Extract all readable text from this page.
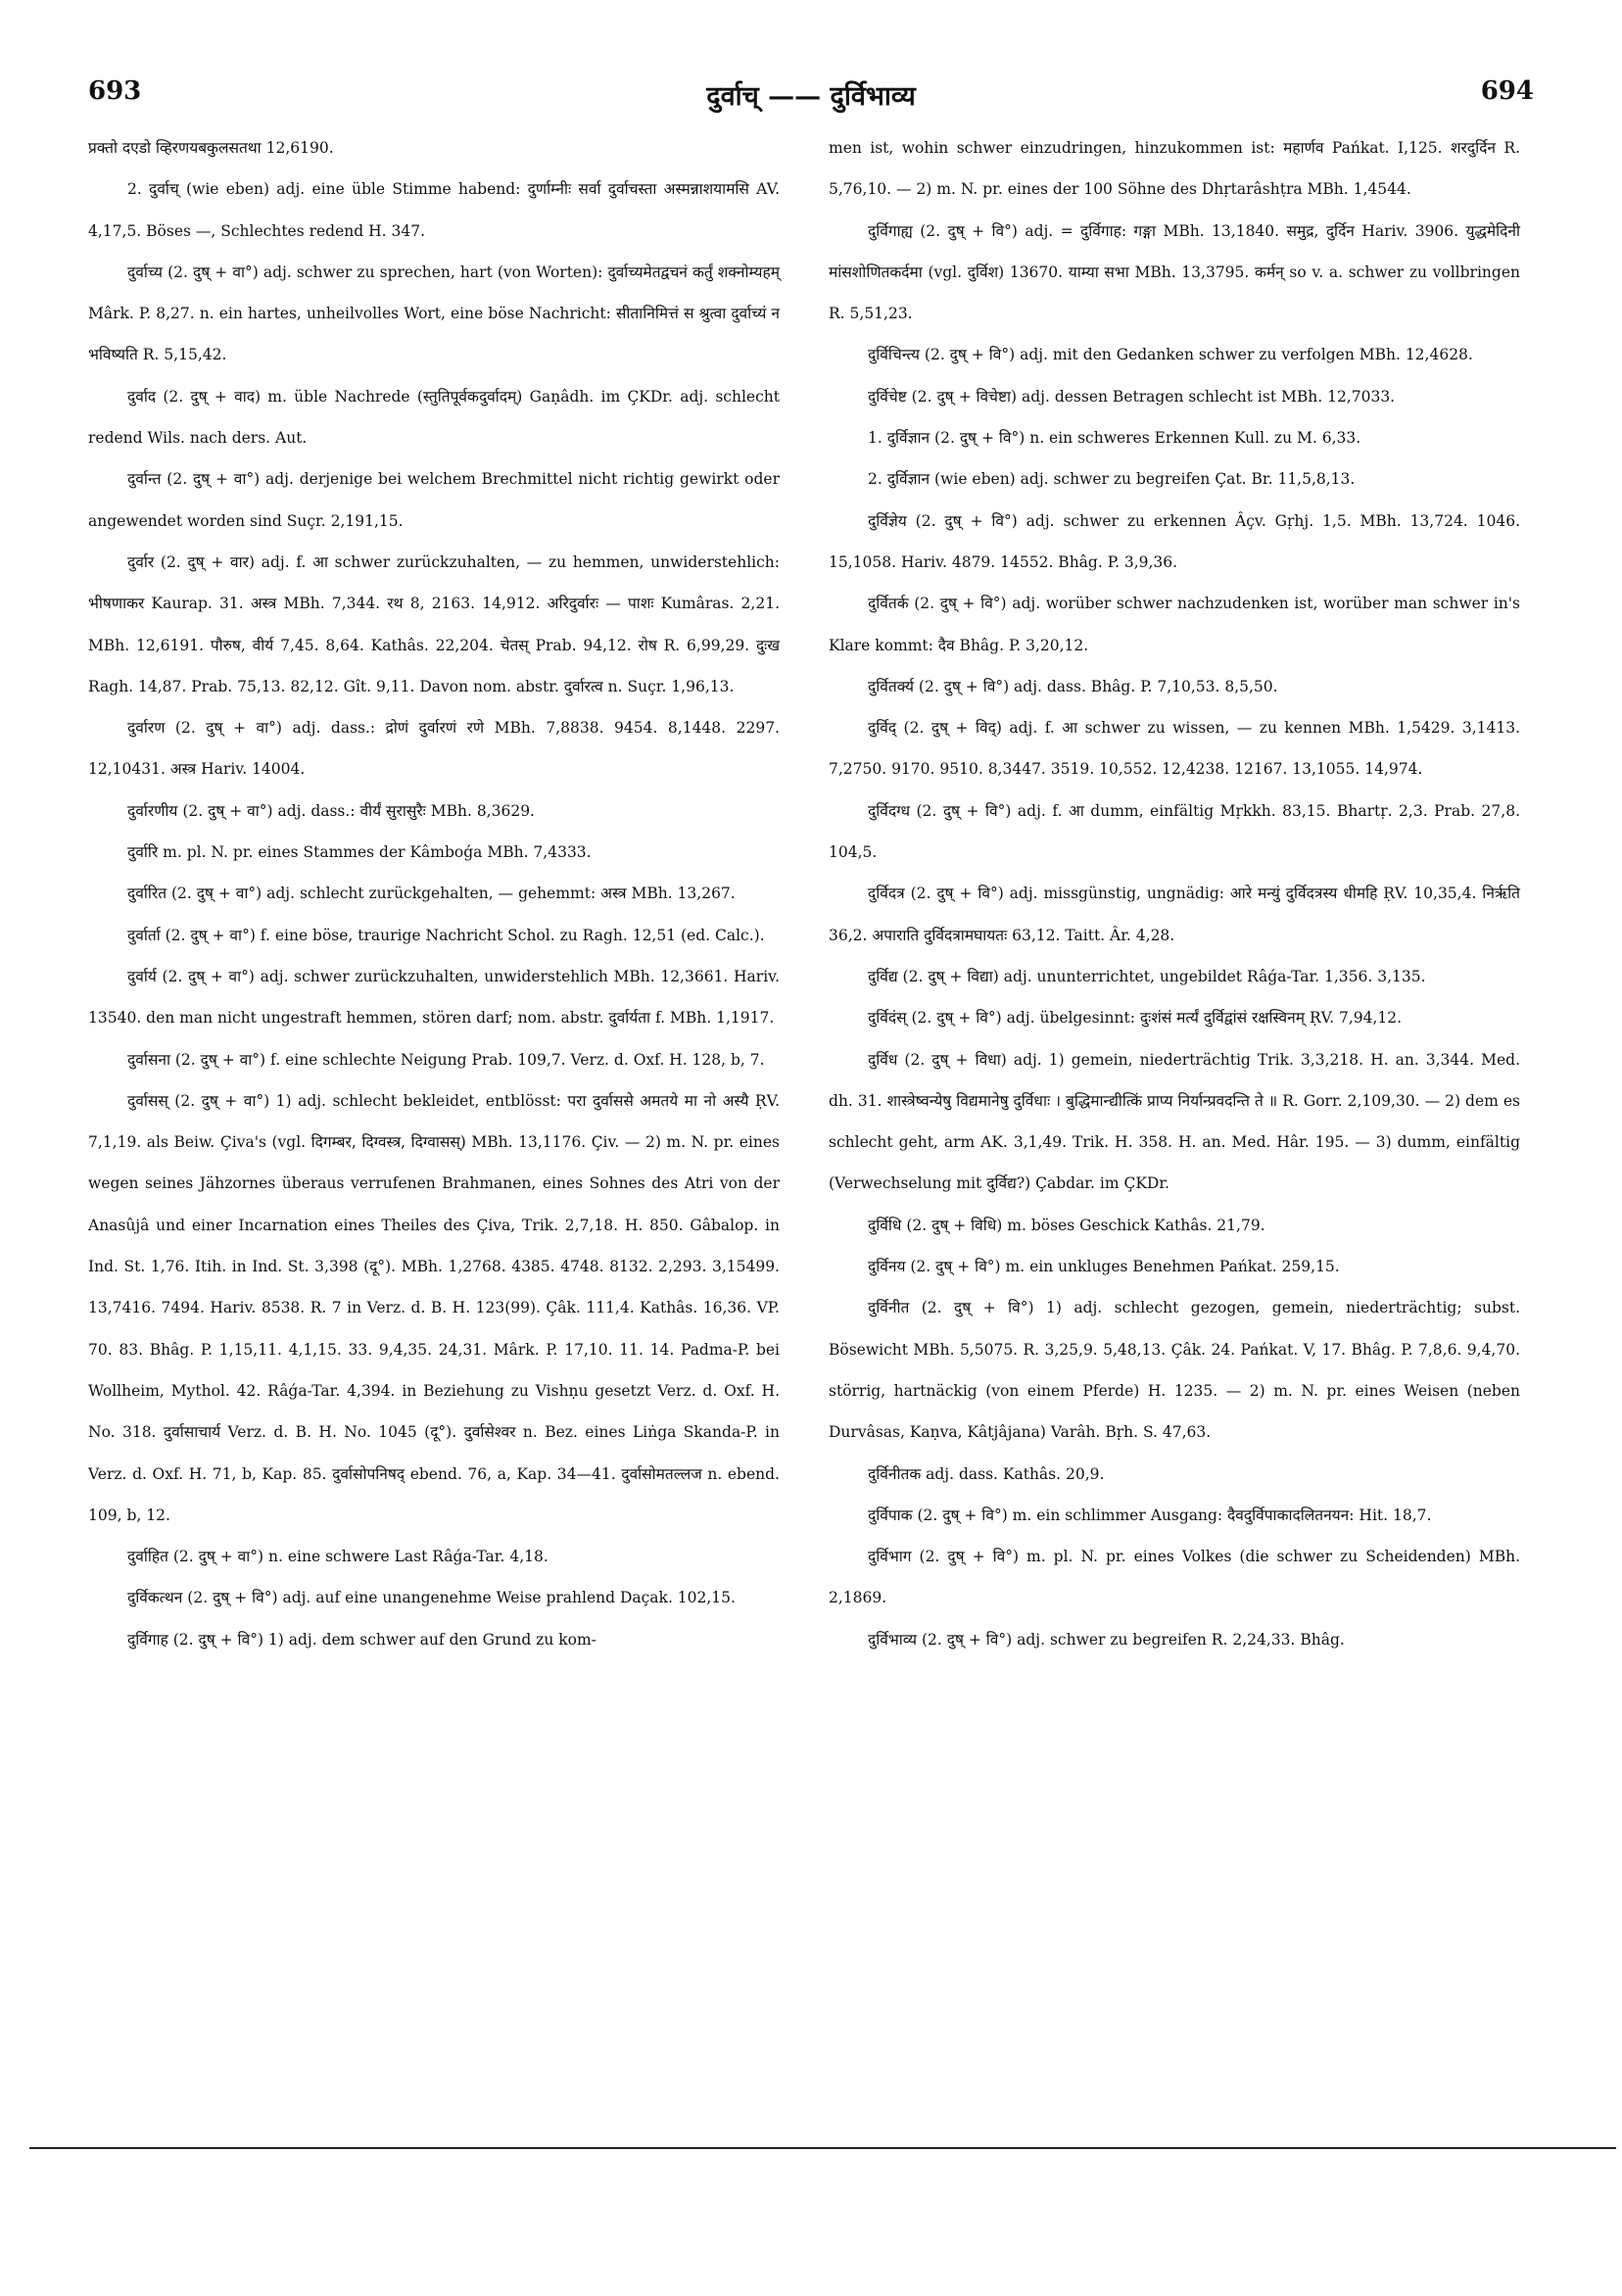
693	दुर्वाच् —— दुर्विभाव्य	694

प्रक्तो दएडो व्हिरणयबकुलसतथा 12,6190.

2. दुर्वाच् (wie eben) adj. eine üble Stimme habend: दुर्णाम्नीः सर्वा दुर्वाचस्ता अस्मन्नाशयामसि AV. 4,17,5. Böses —, Schlechtes redend H. 347.

दुर्वाच्य (2. दुष् + वा°) adj. schwer zu sprechen, hart (von Worten): दुर्वाच्यमेतद्वचनं कर्तुं शक्नोम्यहम् Mârk. P. 8,27. n. ein hartes, unheilvolles Wort, eine böse Nachricht: सीतानिमित्तं स श्रुत्वा दुर्वाच्यं न भविष्यति R. 5,15,42.

दुर्वाद (2. दुष् + वाद) m. üble Nachrede (स्तुतिपूर्वकदुर्वादम्) Gaṇâdh. im ÇKDr. adj. schlecht redend Wils. nach ders. Aut.

दुर्वान्त (2. दुष् + वा°) adj. derjenige bei welchem Brechmittel nicht richtig gewirkt oder angewendet worden sind Suçr. 2,191,15.

दुर्वार (2. दुष् + वार) adj. f. आ schwer zurückzuhalten, — zu hemmen, unwiderstehlich: भीषणाकर Kaurap. 31. अस्त्र MBh. 7,344. रथ 8, 2163. 14,912. अरिदुर्वारः — पाशः Kumâras. 2,21. MBh. 12,6191. पौरुष, वीर्य 7,45. 8,64. Kathâs. 22,204. चेतस् Prab. 94,12. रोष R. 6,99,29. दुःख Ragh. 14,87. Prab. 75,13. 82,12. Gît. 9,11. Davon nom. abstr. दुर्वारत्व n. Suçr. 1,96,13.

दुर्वारण (2. दुष् + वा°) adj. dass.: द्रोणं दुर्वारणं रणे MBh. 7,8838. 9454. 8,1448. 2297. 12,10431. अस्त्र Hariv. 14004.

दुर्वारणीय (2. दुष् + वा°) adj. dass.: वीर्यं सुरासुरैः MBh. 8,3629.

दुर्वारि m. pl. N. pr. eines Stammes der Kâmboǵa MBh. 7,4333.

दुर्वारित (2. दुष् + वा°) adj. schlecht zurückgehalten, — gehemmt: अस्त्र MBh. 13,267.

दुर्वार्ता (2. दुष् + वा°) f. eine böse, traurige Nachricht Schol. zu Ragh. 12,51 (ed. Calc.).

दुर्वार्य (2. दुष् + वा°) adj. schwer zurückzuhalten, unwiderstehlich MBh. 12,3661. Hariv. 13540. den man nicht ungestraft hemmen, stören darf; nom. abstr. दुर्वार्यता f. MBh. 1,1917.

दुर्वासना (2. दुष् + वा°) f. eine schlechte Neigung Prab. 109,7. Verz. d. Oxf. H. 128, b, 7.

दुर्वासस् (2. दुष् + वा°) 1) adj. schlecht bekleidet, entblösst: परा दुर्वाससे अमतये मा नो अस्यै ṚV. 7,1,19. als Beiw. Çiva's (vgl. दिगम्बर, दिग्वस्त्र, दिग्वासस्) MBh. 13,1176. Çiv. — 2) m. N. pr. eines wegen seines Jähzornes überaus verrufenen Brahmanen, eines Sohnes des Atri von der Anasûjâ und einer Incarnation eines Theiles des Çiva, Trik. 2,7,18. H. 850. Gâbalop. in Ind. St. 1,76. Itih. in Ind. St. 3,398 (दू°). MBh. 1,2768. 4385. 4748. 8132. 2,293. 3,15499. 13,7416. 7494. Hariv. 8538. R. 7 in Verz. d. B. H. 123(99). Çâk. 111,4. Kathâs. 16,36. VP. 70. 83. Bhâg. P. 1,15,11. 4,1,15. 33. 9,4,35. 24,31. Mârk. P. 17,10. 11. 14. Padma-P. bei Wollheim, Mythol. 42. Râǵa-Tar. 4,394. in Beziehung zu Vishṇu gesetzt Verz. d. Oxf. H. No. 318. दुर्वासाचार्य Verz. d. B. H. No. 1045 (दू°). दुर्वासेश्वर n. Bez. eines Liṅga Skanda-P. in Verz. d. Oxf. H. 71, b, Kap. 85. दुर्वासोपनिषद् ebend. 76, a, Kap. 34—41. दुर्वासोमतल्लज n. ebend. 109, b, 12.

दुर्वाहित (2. दुष् + वा°) n. eine schwere Last Râǵa-Tar. 4,18.

दुर्विकत्थन (2. दुष् + वि°) adj. auf eine unangenehme Weise prahlend Daçak. 102,15.

दुर्विगाह (2. दुष् + वि°) 1) adj. dem schwer auf den Grund zu kom-

men ist, wohin schwer einzudringen, hinzukommen ist: महार्णव Pańkat. I,125. शरदुर्दिन R. 5,76,10. — 2) m. N. pr. eines der 100 Söhne des Dhṛtarâshṭra MBh. 1,4544.

दुर्विगाह्य (2. दुष् + वि°) adj. = दुर्विगाह: गङ्गा MBh. 13,1840. समुद्र, दुर्दिन Hariv. 3906. युद्धमेदिनी मांसशोणितकर्दमा (vgl. दुर्विश) 13670. याम्या सभा MBh. 13,3795. कर्मन् so v. a. schwer zu vollbringen R. 5,51,23.

दुर्विचिन्त्य (2. दुष् + वि°) adj. mit den Gedanken schwer zu verfolgen MBh. 12,4628.

दुर्विचेष्ट (2. दुष् + विचेष्टा) adj. dessen Betragen schlecht ist MBh. 12,7033.

1. दुर्विज्ञान (2. दुष् + वि°) n. ein schweres Erkennen Kull. zu M. 6,33.

2. दुर्विज्ञान (wie eben) adj. schwer zu begreifen Çat. Br. 11,5,8,13.

दुर्विज्ञेय (2. दुष् + वि°) adj. schwer zu erkennen Âçv. Gṛhj. 1,5. MBh. 13,724. 1046. 15,1058. Hariv. 4879. 14552. Bhâg. P. 3,9,36.

दुर्वितर्क (2. दुष् + वि°) adj. worüber schwer nachzudenken ist, worüber man schwer in's Klare kommt: दैव Bhâg. P. 3,20,12.

दुर्वितर्क्य (2. दुष् + वि°) adj. dass. Bhâg. P. 7,10,53. 8,5,50.

दुर्विद् (2. दुष् + विद्) adj. f. आ schwer zu wissen, — zu kennen MBh. 1,5429. 3,1413. 7,2750. 9170. 9510. 8,3447. 3519. 10,552. 12,4238. 12167. 13,1055. 14,974.

दुर्विदग्ध (2. दुष् + वि°) adj. f. आ dumm, einfältig Mṛkkh. 83,15. Bhartṛ. 2,3. Prab. 27,8. 104,5.

दुर्विदत्र (2. दुष् + वि°) adj. missgünstig, ungnädig: आरे मन्युं दुर्विदत्रस्य धीमहि ṚV. 10,35,4. निर्ऋति 36,2. अपाराति दुर्विदत्रामघायतः 63,12. Taitt. Âr. 4,28.

दुर्विद्य (2. दुष् + विद्या) adj. ununterrichtet, ungebildet Râǵa-Tar. 1,356. 3,135.

दुर्विदंस् (2. दुष् + वि°) adj. übelgesinnt: दुःशंसं मर्त्यं दुर्विद्वांसं रक्षस्विनम् ṚV. 7,94,12.

दुर्विध (2. दुष् + विधा) adj. 1) gemein, niederträchtig Trik. 3,3,218. H. an. 3,344. Med. dh. 31. शास्त्रेष्वन्येषु विद्यमानेषु दुर्विधाः । बुद्धिमान्द्यीत्किं प्राप्य निर्यान्प्रवदन्ति ते ॥ R. Gorr. 2,109,30. — 2) dem es schlecht geht, arm AK. 3,1,49. Trik. H. 358. H. an. Med. Hâr. 195. — 3) dumm, einfältig (Verwechselung mit दुर्विद्य?) Çabdar. im ÇKDr.

दुर्विधि (2. दुष् + विधि) m. böses Geschick Kathâs. 21,79.

दुर्विनय (2. दुष् + वि°) m. ein unkluges Benehmen Pańkat. 259,15.

दुर्विनीत (2. दुष् + वि°) 1) adj. schlecht gezogen, gemein, niederträchtig; subst. Bösewicht MBh. 5,5075. R. 3,25,9. 5,48,13. Çâk. 24. Pańkat. V, 17. Bhâg. P. 7,8,6. 9,4,70. störrig, hartnäckig (von einem Pferde) H. 1235. — 2) m. N. pr. eines Weisen (neben Durvâsas, Kaṇva, Kâtjâjana) Varâh. Bṛh. S. 47,63.

दुर्विनीतक adj. dass. Kathâs. 20,9.

दुर्विपाक (2. दुष् + वि°) m. ein schlimmer Ausgang: दैवदुर्विपाकादलितनयन: Hit. 18,7.

दुर्विभाग (2. दुष् + वि°) m. pl. N. pr. eines Volkes (die schwer zu Scheidenden) MBh. 2,1869.

दुर्विभाव्य (2. दुष् + वि°) adj. schwer zu begreifen R. 2,24,33. Bhâg.
